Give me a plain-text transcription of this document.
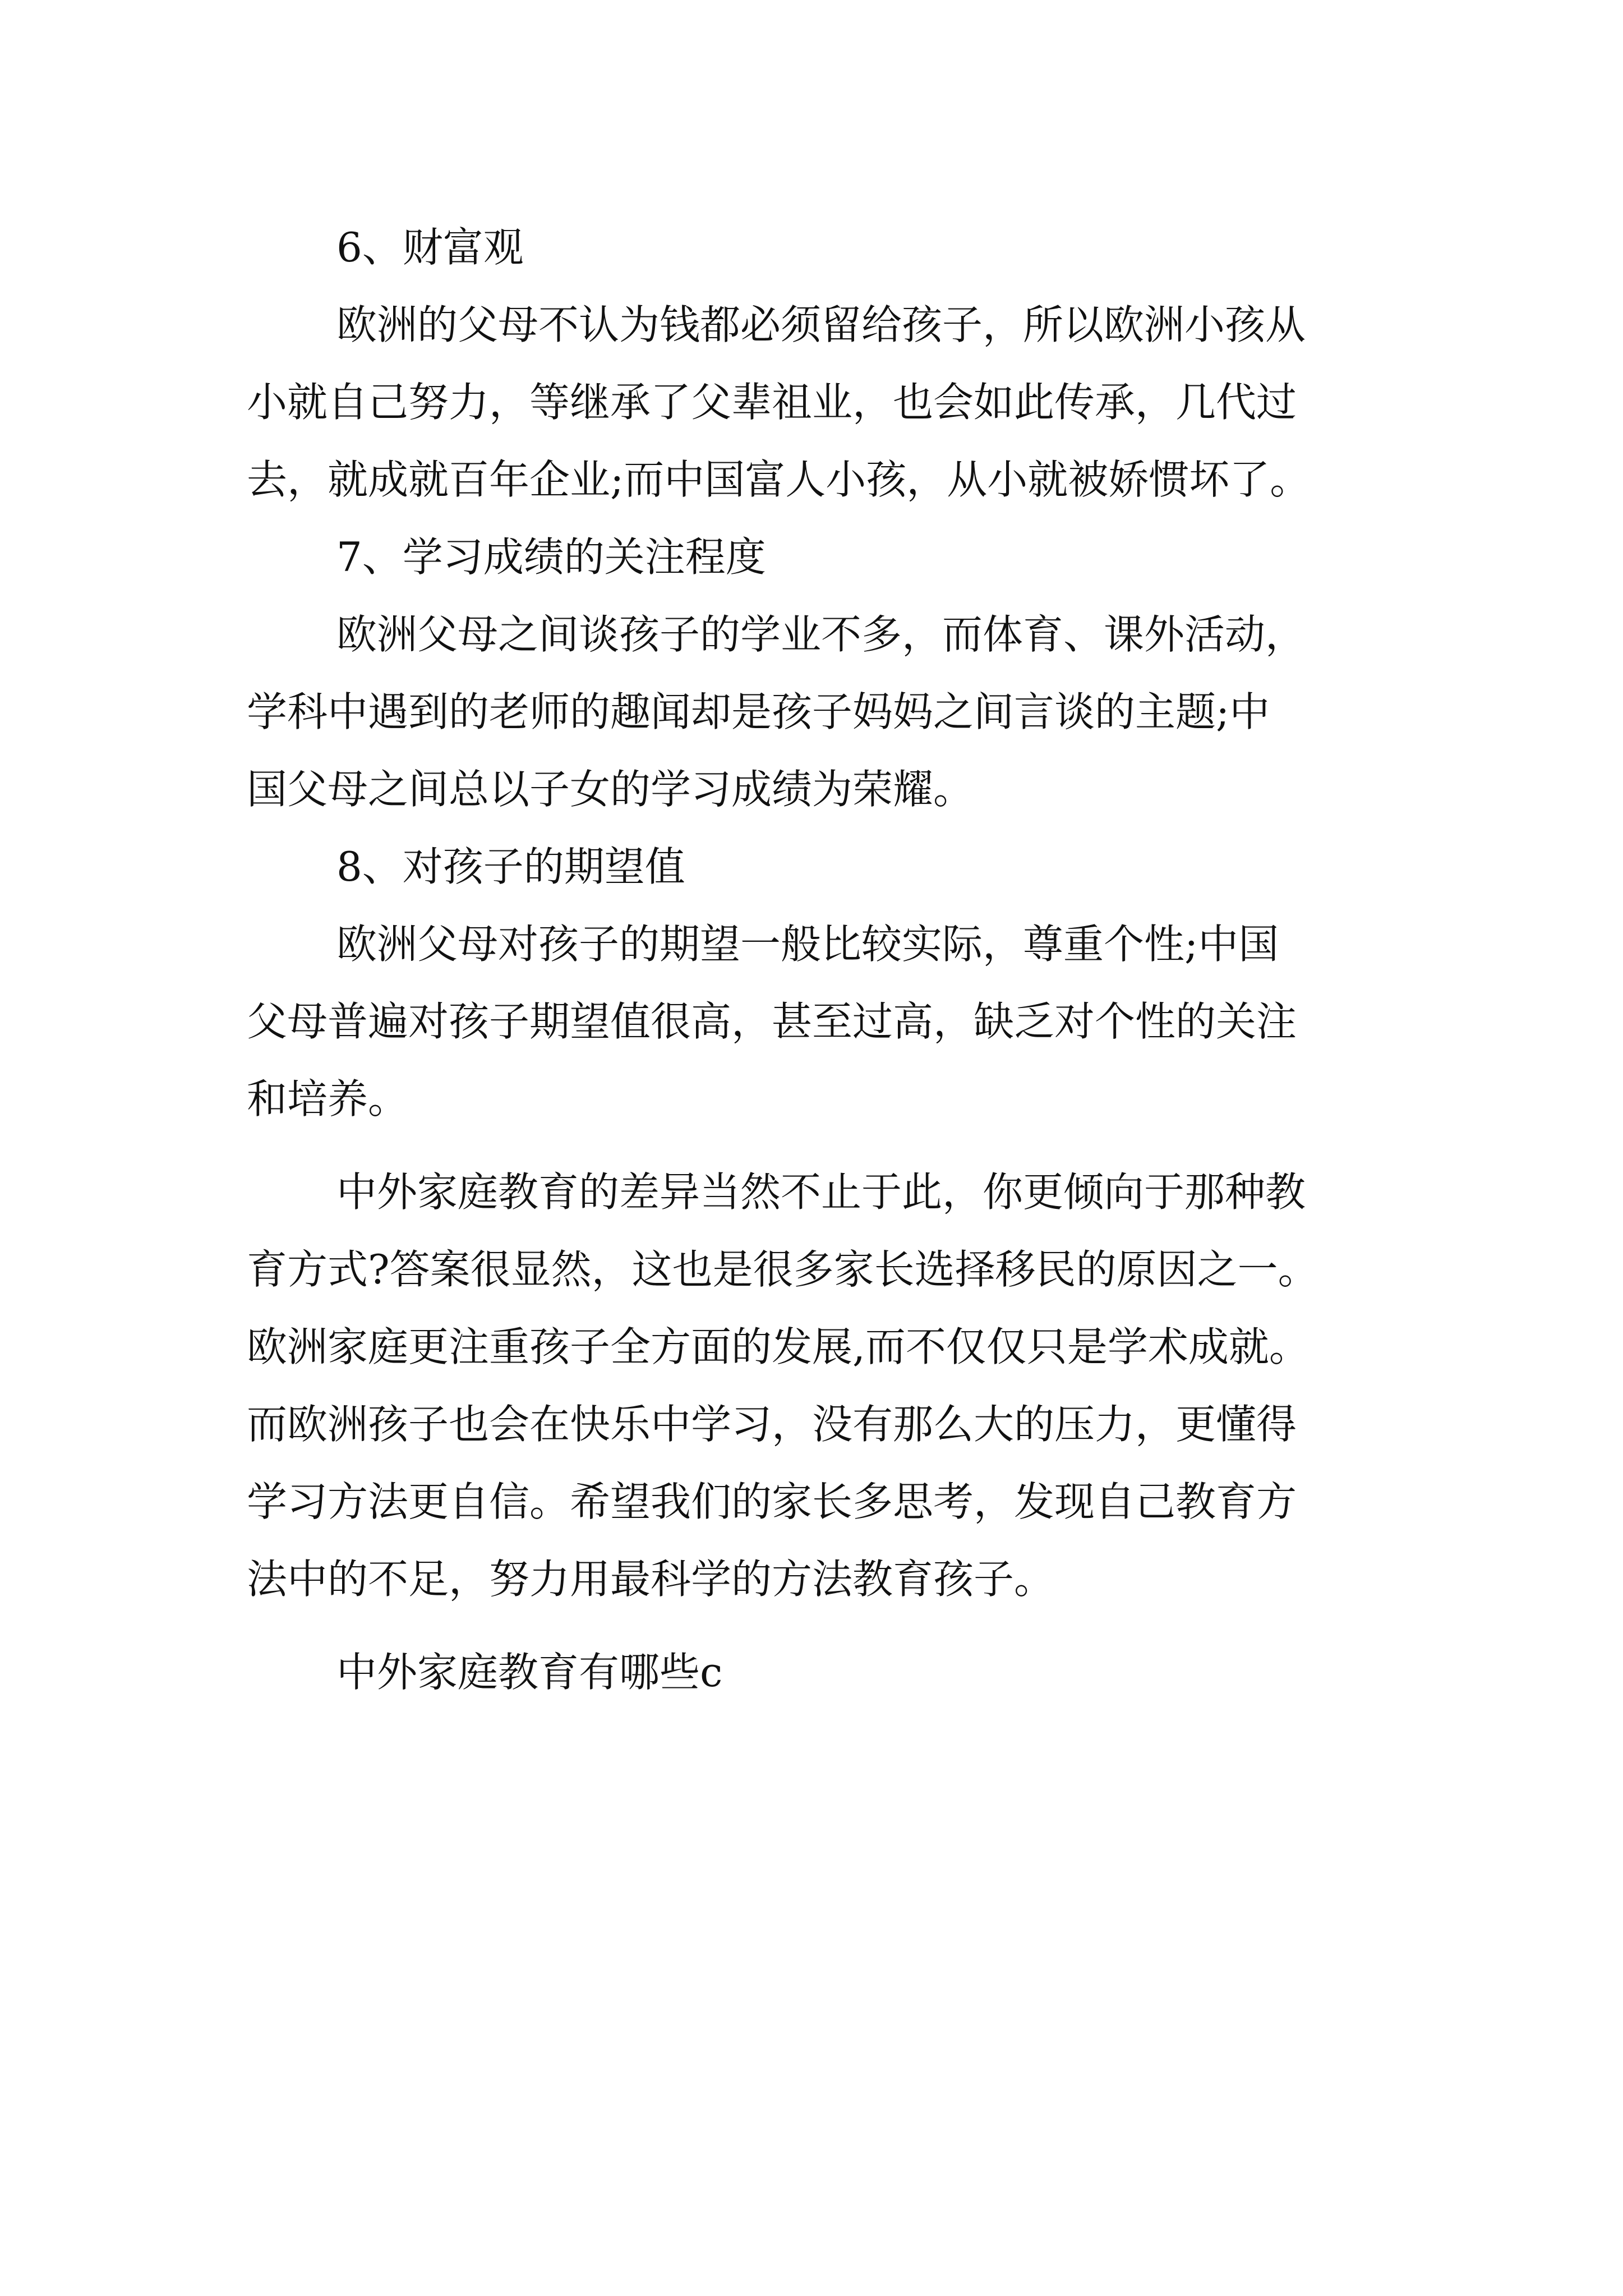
6、财富观
欧洲的父母不认为钱都必须留给孩子，所以欧洲小孩从
小就自己努力，等继承了父辈祖业，也会如此传承，几代过
去，就成就百年企业;而中国富人小孩，从小就被娇惯坏了。
7、学习成绩的关注程度
欧洲父母之间谈孩子的学业不多，而体育、课外活动，
学科中遇到的老师的趣闻却是孩子妈妈之间言谈的主题;中
国父母之间总以子女的学习成绩为荣耀。
8、对孩子的期望值
欧洲父母对孩子的期望一般比较实际，尊重个性;中国
父母普遍对孩子期望值很高，甚至过高，缺乏对个性的关注
和培养。
中外家庭教育的差异当然不止于此，你更倾向于那种教
育方式?答案很显然，这也是很多家长选择移民的原因之一。
欧洲家庭更注重孩子全方面的发展,而不仅仅只是学术成就。
而欧洲孩子也会在快乐中学习，没有那么大的压力，更懂得
学习方法更自信。希望我们的家长多思考，发现自己教育方
法中的不足，努力用最科学的方法教育孩子。
中外家庭教育有哪些c
